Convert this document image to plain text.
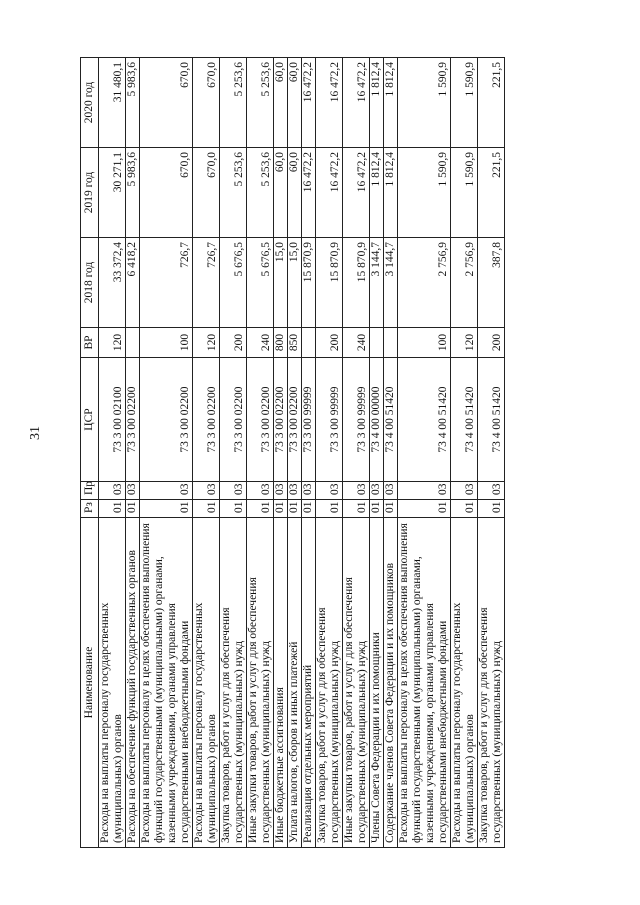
31
Наименование	Рз	Пр	ЦСР	ВР	2018 год	2019 год	2020 год
Расходы на выплаты персоналу государственных (муниципальных) органов	01	03	73 3 00 02100	120	33 372,4	30 271,1	31 480,1
Расходы на обеспечение функций государственных органов	01	03	73 3 00 02200		6 418,2	5 983,6	5 983,6
Расходы на выплаты персоналу в целях обеспечения выполнения функций государственными (муниципальными) органами, казенными учреждениями, органами управления государственными внебюджетными фондами	01	03	73 3 00 02200	100	726,7	670,0	670,0
Расходы на выплаты персоналу государственных (муниципальных) органов	01	03	73 3 00 02200	120	726,7	670,0	670,0
Закупка товаров, работ и услуг для обеспечения государственных (муниципальных) нужд	01	03	73 3 00 02200	200	5 676,5	5 253,6	5 253,6
Иные закупки товаров, работ и услуг для обеспечения государственных (муниципальных) нужд	01	03	73 3 00 02200	240	5 676,5	5 253,6	5 253,6
Иные бюджетные ассигнования	01	03	73 3 00 02200	800	15,0	60,0	60,0
Уплата налогов, сборов и иных платежей	01	03	73 3 00 02200	850	15,0	60,0	60,0
Реализация отдельных мероприятий	01	03	73 3 00 99999		15 870,9	16 472,2	16 472,2
Закупка товаров, работ и услуг для обеспечения государственных (муниципальных) нужд	01	03	73 3 00 99999	200	15 870,9	16 472,2	16 472,2
Иные закупки товаров, работ и услуг для обеспечения государственных (муниципальных) нужд	01	03	73 3 00 99999	240	15 870,9	16 472,2	16 472,2
Члены Совета Федерации и их помощники	01	03	73 4 00 00000		3 144,7	1 812,4	1 812,4
Содержание членов Совета Федерации и их помощников	01	03	73 4 00 51420		3 144,7	1 812,4	1 812,4
Расходы на выплаты персоналу в целях обеспечения выполнения функций государственными (муниципальными) органами, казенными учреждениями, органами управления государственными внебюджетными фондами	01	03	73 4 00 51420	100	2 756,9	1 590,9	1 590,9
Расходы на выплаты персоналу государственных (муниципальных) органов	01	03	73 4 00 51420	120	2 756,9	1 590,9	1 590,9
Закупка товаров, работ и услуг для обеспечения государственных (муниципальных) нужд	01	03	73 4 00 51420	200	387,8	221,5	221,5
